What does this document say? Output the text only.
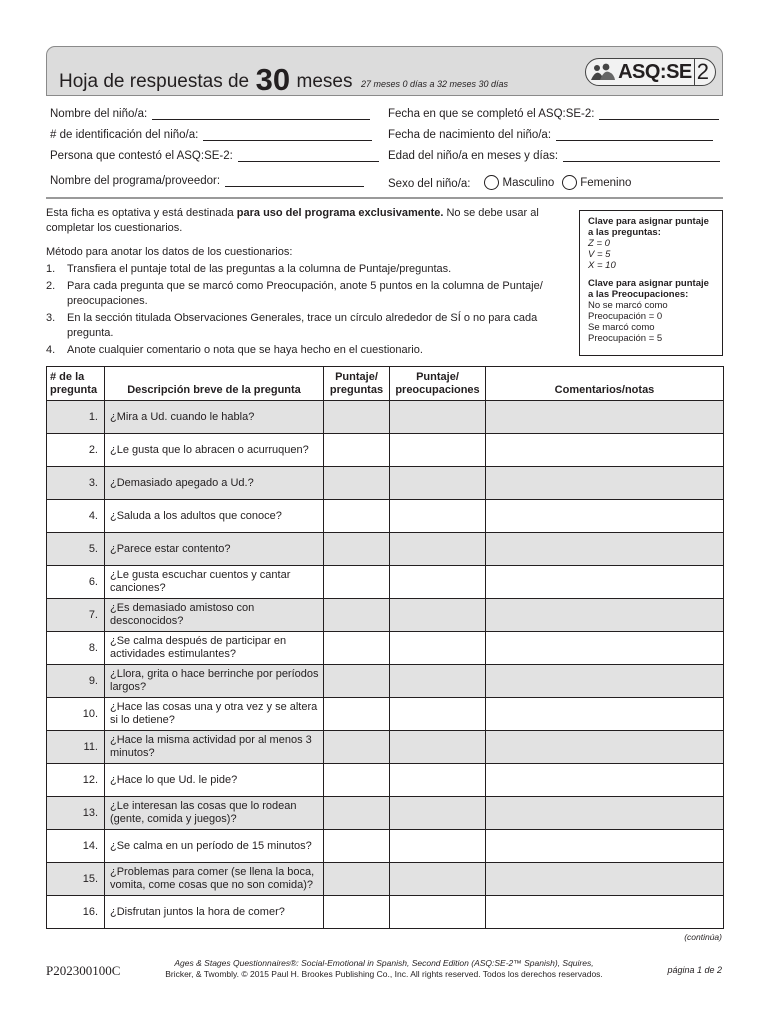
Hoja de respuestas de 30 meses 27 meses 0 días a 32 meses 30 días
ASQ:SE 2
Nombre del niño/a:	Fecha en que se completó el ASQ:SE-2:
# de identificación del niño/a:	Fecha de nacimiento del niño/a:
Persona que contestó el ASQ:SE-2:	Edad del niño/a en meses y días:
Nombre del programa/proveedor:	Sexo del niño/a:	Masculino Femenino

Esta ficha es optativa y está destinada para uso del programa exclusivamente. No se debe usar al completar los cuestionarios.

Método para anotar los datos de los cuestionarios:
1. Transfiera el puntaje total de las preguntas a la columna de Puntaje/preguntas.
2. Para cada pregunta que se marcó como Preocupación, anote 5 puntos en la columna de Puntaje/ preocupaciones.
3. En la sección titulada Observaciones Generales, trace un círculo alrededor de SÍ o no para cada pregunta.
4. Anote cualquier comentario o nota que se haya hecho en el cuestionario.
Clave para asignar puntaje a las preguntas:
Z = 0
V = 5
X = 10
Clave para asignar puntaje a las Preocupaciones:
No se marcó como
Preocupación = 0
Se marcó como
Preocupación = 5
# de la pregunta	Descripción breve de la pregunta	Puntaje/ preguntas	Puntaje/ preocupaciones	Comentarios/notas
1.	¿Mira a Ud. cuando le habla?			
2.	¿Le gusta que lo abracen o acurruquen?			
3.	¿Demasiado apegado a Ud.?			
4.	¿Saluda a los adultos que conoce?			
5.	¿Parece estar contento?			
6.	¿Le gusta escuchar cuentos y cantar canciones?			
7.	¿Es demasiado amistoso con desconocidos?			
8.	¿Se calma después de participar en actividades estimulantes?			
9.	¿Llora, grita o hace berrinche por períodos largos?			
10.	¿Hace las cosas una y otra vez y se altera si lo detiene?			
11.	¿Hace la misma actividad por al menos 3 minutos?			
12.	¿Hace lo que Ud. le pide?			
13.	¿Le interesan las cosas que lo rodean (gente, comida y juegos)?			
14.	¿Se calma en un período de 15 minutos?			
15.	¿Problemas para comer (se llena la boca, vomita, come cosas que no son comida)?			
16.	¿Disfrutan juntos la hora de comer?			
(continúa)
P202300100C	Ages & Stages Questionnaires®: Social-Emotional in Spanish, Second Edition (ASQ:SE-2™ Spanish), Squires,
Bricker, & Twombly. © 2015 Paul H. Brookes Publishing Co., Inc. All rights reserved. Todos los derechos reservados.	página 1 de 2
